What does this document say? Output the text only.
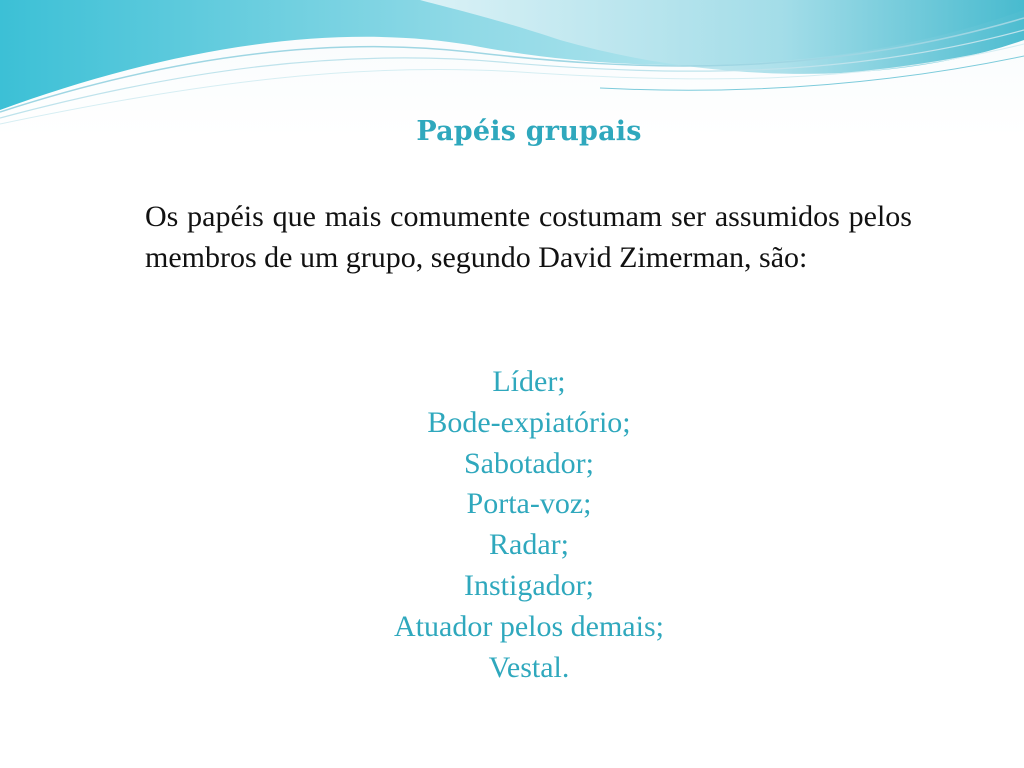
Papéis grupais
Os papéis que mais comumente costumam ser assumidos pelos membros de um grupo, segundo David Zimerman, são:
Líder;
Bode-expiatório;
Sabotador;
Porta-voz;
Radar;
Instigador;
Atuador pelos demais;
Vestal.
